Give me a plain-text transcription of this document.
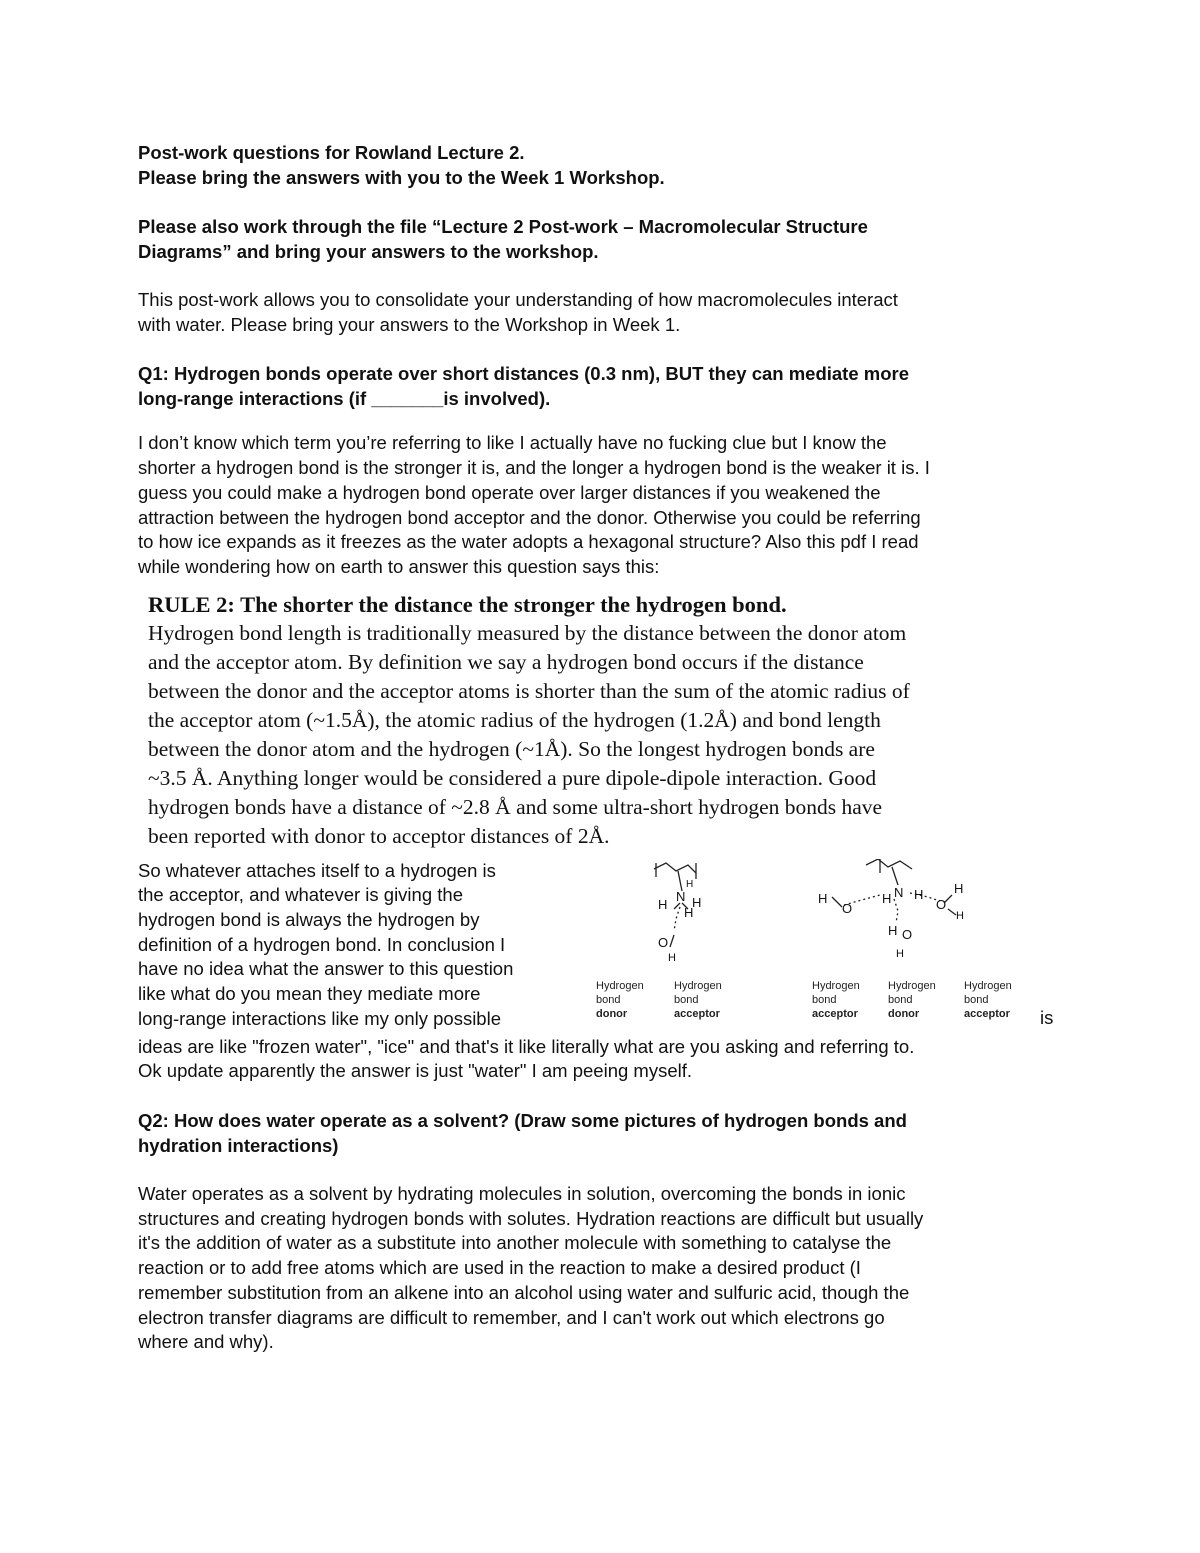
Post-work questions for Rowland Lecture 2.

Please bring the answers with you to the Week 1 Workshop.

Please also work through the file “Lecture 2 Post-work – Macromolecular Structure

Diagrams” and bring your answers to the workshop.

This post-work allows you to consolidate your understanding of how macromolecules interact

with water. Please bring your answers to the Workshop in Week 1.

Q1: Hydrogen bonds operate over short distances (0.3 nm), BUT they can mediate more

long-range interactions (if _______is involved).

I don’t know which term you’re referring to like I actually have no fucking clue but I know the

shorter a hydrogen bond is the stronger it is, and the longer a hydrogen bond is the weaker it is. I

guess you could make a hydrogen bond operate over larger distances if you weakened the

attraction between the hydrogen bond acceptor and the donor. Otherwise you could be referring

to how ice expands as it freezes as the water adopts a hexagonal structure? Also this pdf I read

while wondering how on earth to answer this question says this:

RULE 2: The shorter the distance the stronger the hydrogen bond.
Hydrogen bond length is traditionally measured by the distance between the donor atom
and the acceptor atom. By definition we say a hydrogen bond occurs if the distance
between the donor and the acceptor atoms is shorter than the sum of the atomic radius of
the acceptor atom (~1.5Å), the atomic radius of the hydrogen (1.2Å) and bond length
between the donor atom and the hydrogen (~1Å). So the longest hydrogen bonds are
~3.5 Å. Anything longer would be considered a pure dipole-dipole interaction. Good
hydrogen bonds have a distance of ~2.8 Å and some ultra-short hydrogen bonds have
been reported with donor to acceptor distances of 2Å.

So whatever attaches itself to a hydrogen is

the acceptor, and whatever is giving the

hydrogen bond is always the hydrogen by

definition of a hydrogen bond. In conclusion I

have no idea what the answer to this question

like what do you mean they mediate more

long-range interactions like my only possible	is
H
N H
H
H
O
H
N H
H
H
O	O
H
H
H O
H
Hydrogen
bond
donor
Hydrogen
bond
acceptor
Hydrogen
bond
acceptor
Hydrogen
bond
donor
Hydrogen
bond
acceptor

ideas are like "frozen water", "ice" and that's it like literally what are you asking and referring to.

Ok update apparently the answer is just "water" I am peeing myself.

Q2: How does water operate as a solvent? (Draw some pictures of hydrogen bonds and

hydration interactions)

Water operates as a solvent by hydrating molecules in solution, overcoming the bonds in ionic

structures and creating hydrogen bonds with solutes. Hydration reactions are difficult but usually

it's the addition of water as a substitute into another molecule with something to catalyse the

reaction or to add free atoms which are used in the reaction to make a desired product (I

remember substitution from an alkene into an alcohol using water and sulfuric acid, though the

electron transfer diagrams are difficult to remember, and I can't work out which electrons go

where and why).
